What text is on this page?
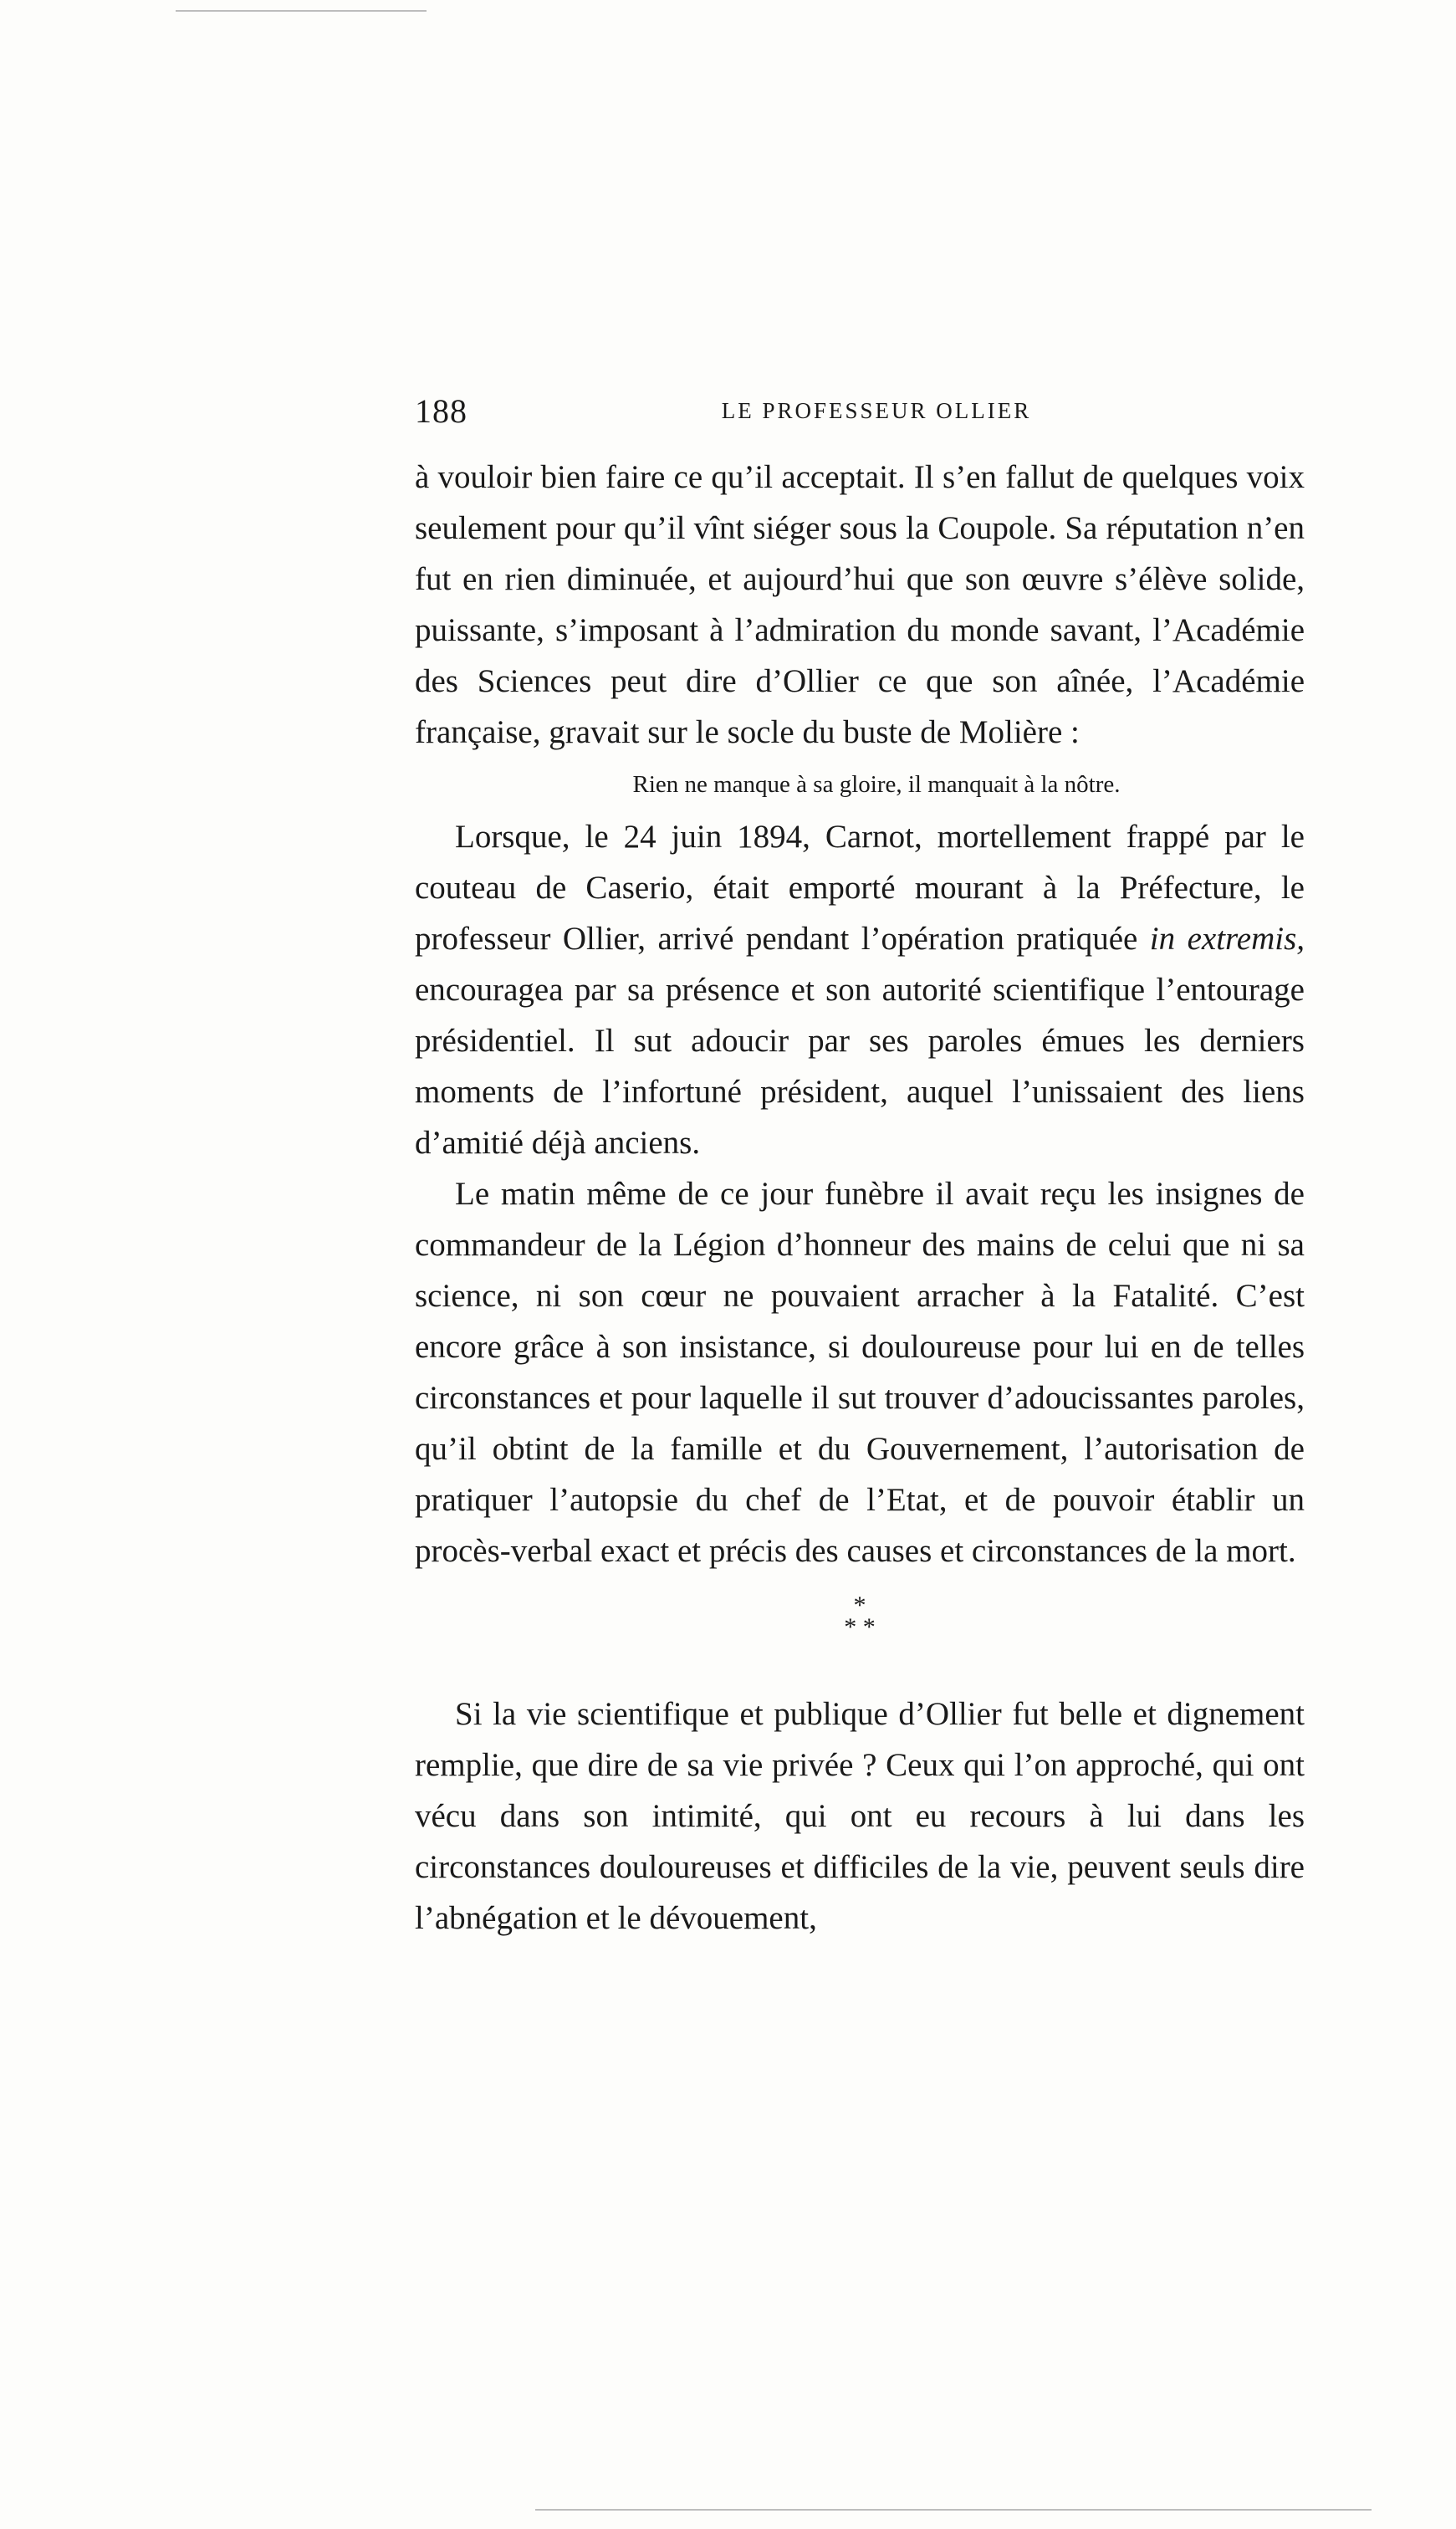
188	LE PROFESSEUR OLLIER

à vouloir bien faire ce qu’il acceptait. Il s’en fallut de quelques voix seulement pour qu’il vînt siéger sous la Coupole. Sa réputation n’en fut en rien diminuée, et aujourd’hui que son œuvre s’élève solide, puissante, s’imposant à l’admiration du monde savant, l’Académie des Sciences peut dire d’Ollier ce que son aînée, l’Académie française, gravait sur le socle du buste de Molière :

Rien ne manque à sa gloire, il manquait à la nôtre.

Lorsque, le 24 juin 1894, Carnot, mortellement frappé par le couteau de Caserio, était emporté mourant à la Préfecture, le professeur Ollier, arrivé pendant l’opération pratiquée in extremis, encouragea par sa présence et son autorité scientifique l’entourage présidentiel. Il sut adoucir par ses paroles émues les derniers moments de l’infortuné président, auquel l’unissaient des liens d’amitié déjà anciens.

Le matin même de ce jour funèbre il avait reçu les insignes de commandeur de la Légion d’honneur des mains de celui que ni sa science, ni son cœur ne pouvaient arracher à la Fatalité. C’est encore grâce à son insistance, si douloureuse pour lui en de telles circonstances et pour laquelle il sut trouver d’adoucissantes paroles, qu’il obtint de la famille et du Gouvernement, l’autorisation de pratiquer l’autopsie du chef de l’Etat, et de pouvoir établir un procès-verbal exact et précis des causes et circonstances de la mort.

*
* *

Si la vie scientifique et publique d’Ollier fut belle et dignement remplie, que dire de sa vie privée ? Ceux qui l’on approché, qui ont vécu dans son intimité, qui ont eu recours à lui dans les circonstances douloureuses et difficiles de la vie, peuvent seuls dire l’abnégation et le dévouement,
